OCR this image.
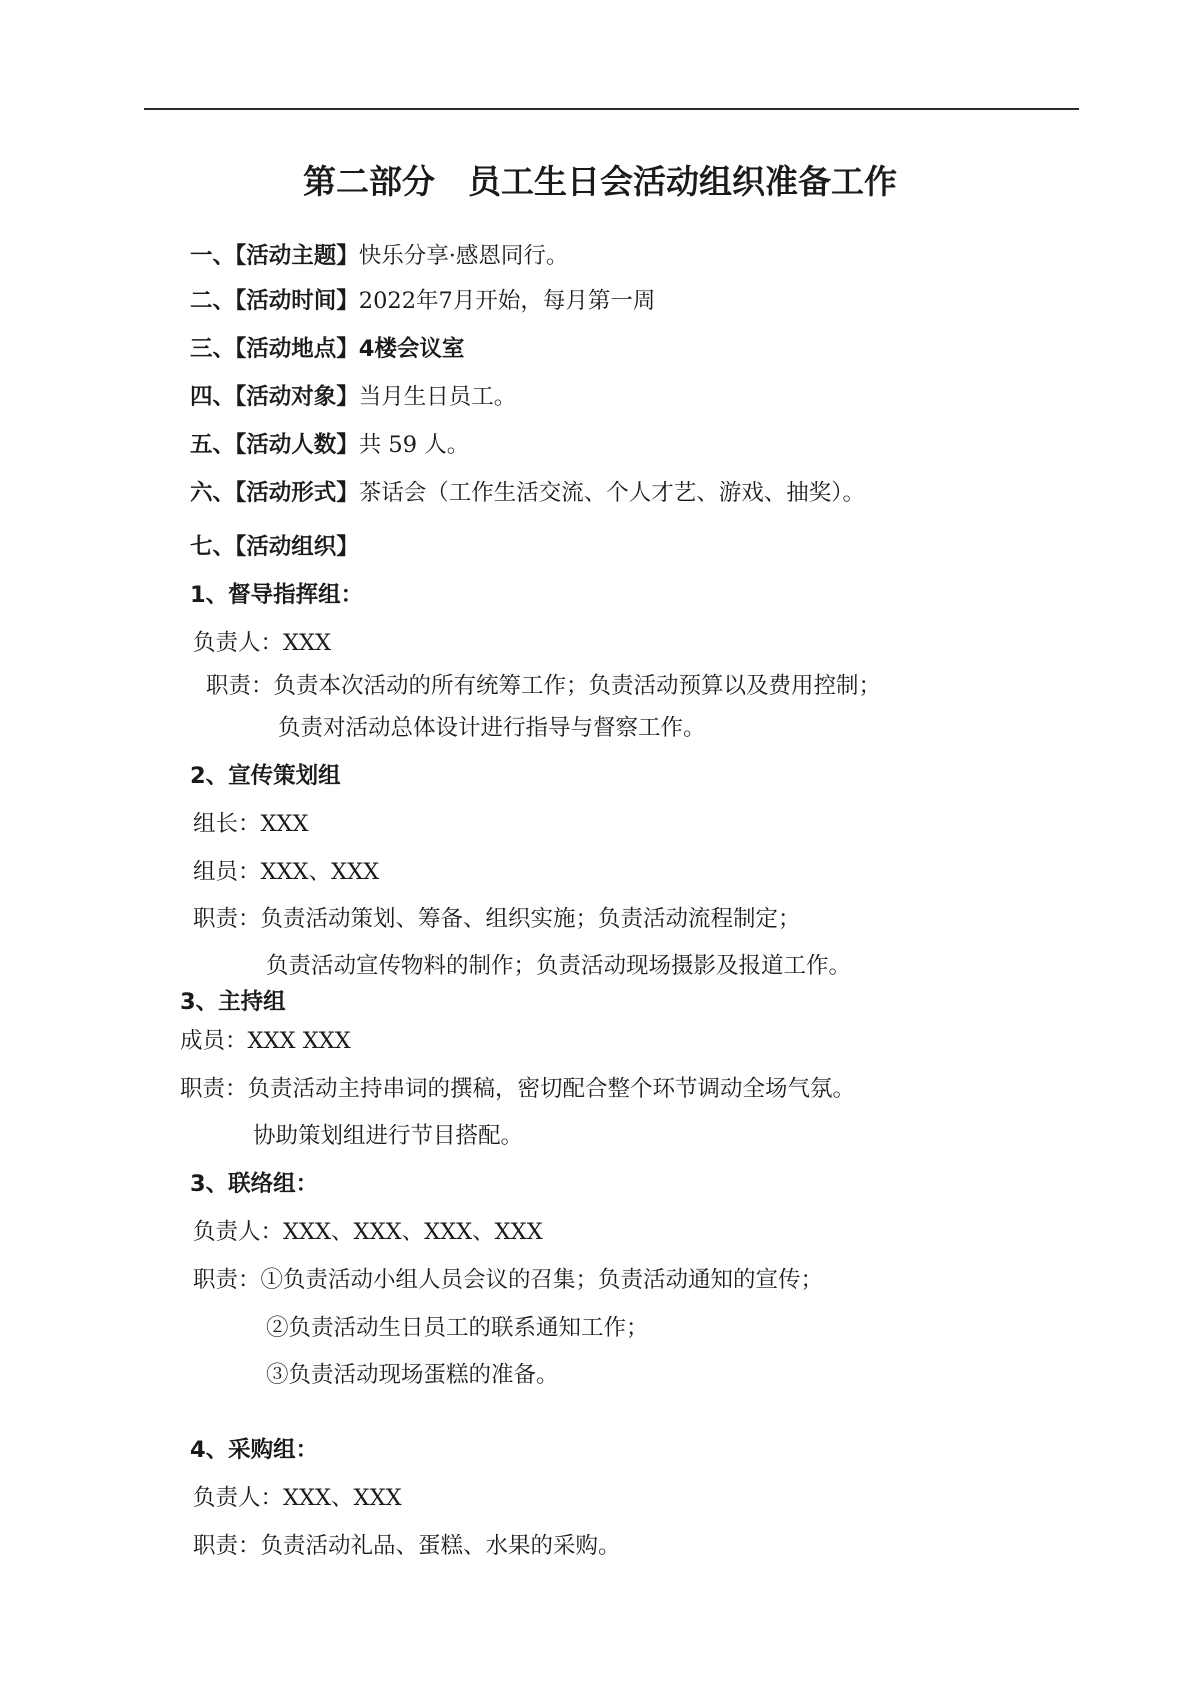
第二部分　员工生日会活动组织准备工作
一、【活动主题】快乐分享·感恩同行。
二、【活动时间】2022年7月开始，每月第一周
三、【活动地点】4楼会议室
四、【活动对象】当月生日员工。
五、【活动人数】共 59 人。
六、【活动形式】茶话会（工作生活交流、个人才艺、游戏、抽奖）。
七、【活动组织】
1、督导指挥组：
负责人：XXX
职责：负责本次活动的所有统筹工作；负责活动预算以及费用控制；
负责对活动总体设计进行指导与督察工作。
2、宣传策划组
组长：XXX
组员：XXX、XXX
职责：负责活动策划、筹备、组织实施；负责活动流程制定；
负责活动宣传物料的制作；负责活动现场摄影及报道工作。
3、主持组
成员：XXX XXX
职责：负责活动主持串词的撰稿，密切配合整个环节调动全场气氛。
协助策划组进行节目搭配。
3、联络组：
负责人：XXX、XXX、XXX、XXX
职责：①负责活动小组人员会议的召集；负责活动通知的宣传；
②负责活动生日员工的联系通知工作；
③负责活动现场蛋糕的准备。
4、采购组：
负责人：XXX、XXX
职责：负责活动礼品、蛋糕、水果的采购。
